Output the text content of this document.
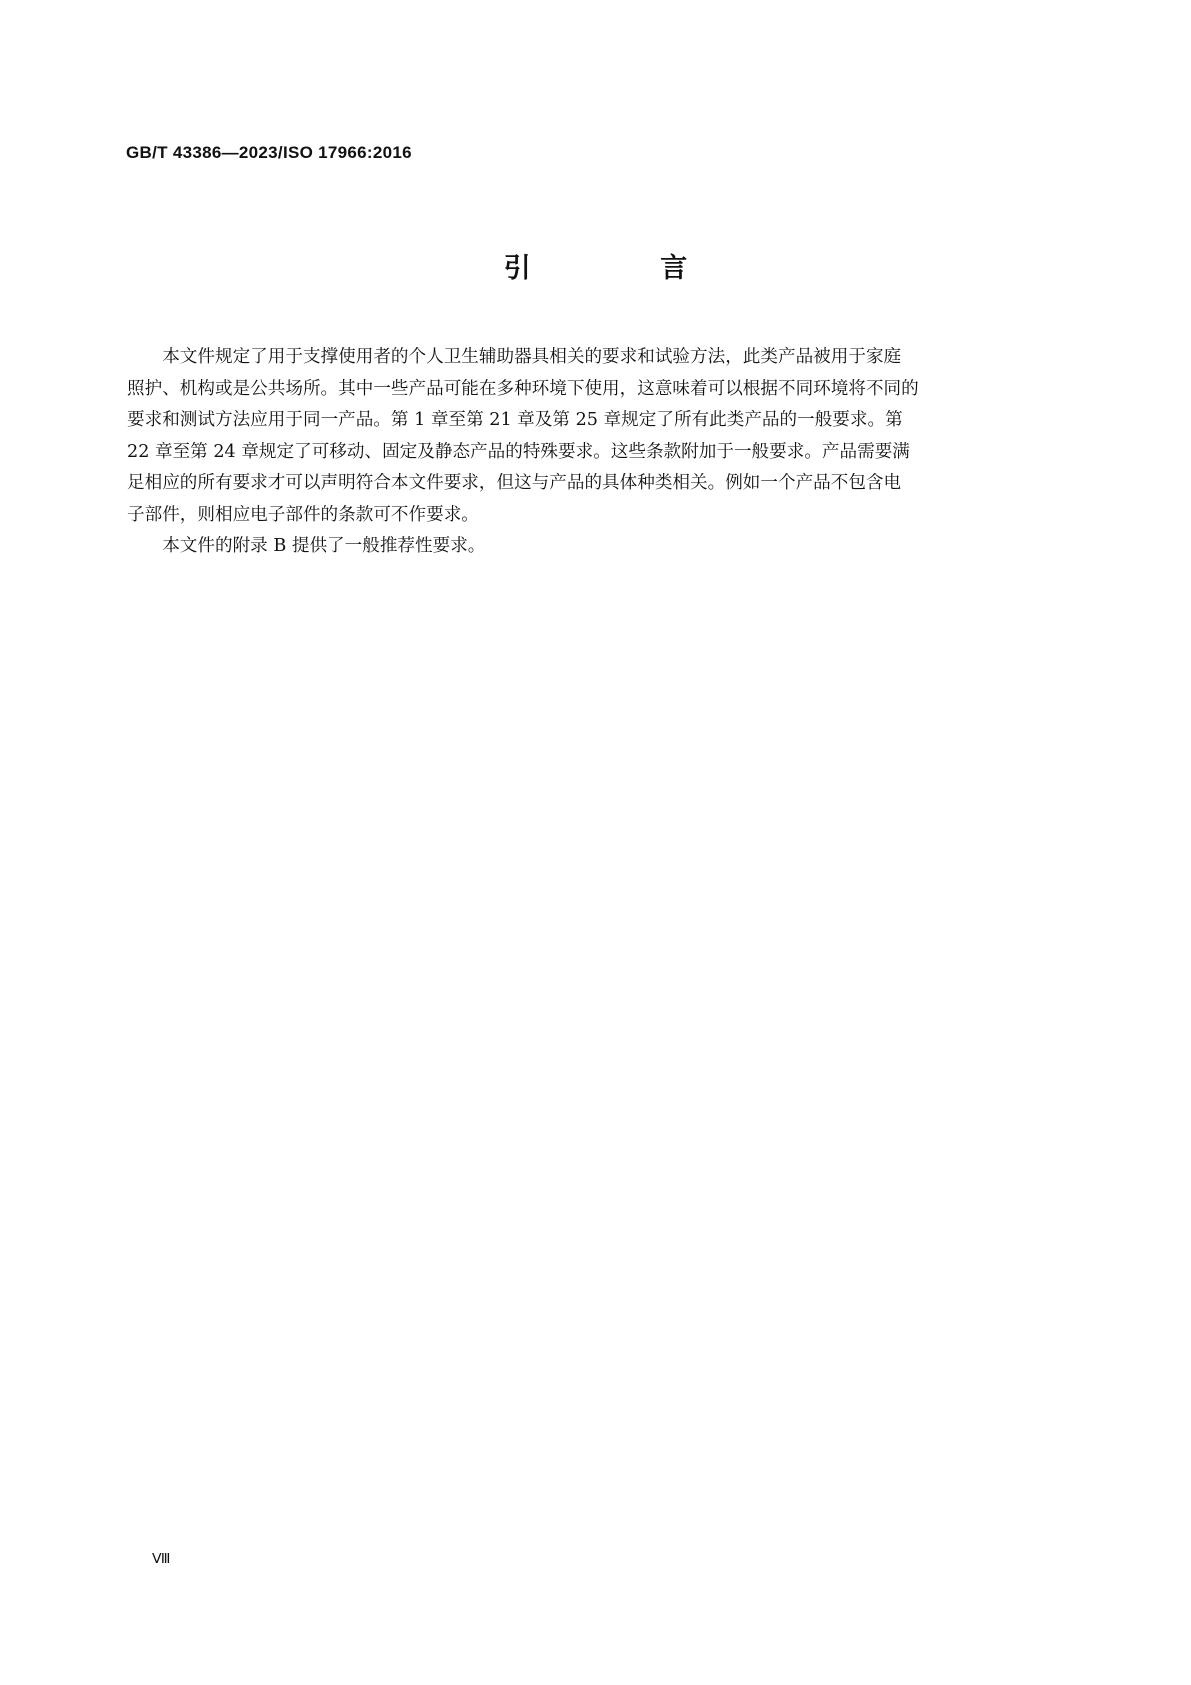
GB/T 43386—2023/ISO 17966:2016
引 言

本文件规定了用于支撑使用者的个人卫生辅助器具相关的要求和试验方法，此类产品被用于家庭
照护、机构或是公共场所。其中一些产品可能在多种环境下使用，这意味着可以根据不同环境将不同的
要求和测试方法应用于同一产品。第 1 章至第 21 章及第 25 章规定了所有此类产品的一般要求。第
22 章至第 24 章规定了可移动、固定及静态产品的特殊要求。这些条款附加于一般要求。产品需要满
足相应的所有要求才可以声明符合本文件要求，但这与产品的具体种类相关。例如一个产品不包含电
子部件，则相应电子部件的条款可不作要求。

本文件的附录 B 提供了一般推荐性要求。

Ⅷ
